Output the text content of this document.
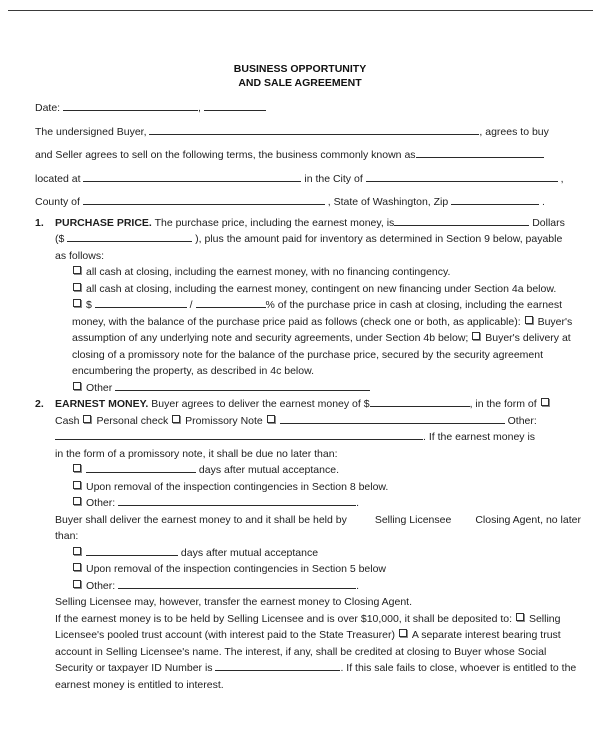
BUSINESS OPPORTUNITY
AND SALE AGREEMENT
Date:	,
The undersigned Buyer,	, agrees to buy
and Seller agrees to sell on the following terms, the business commonly known as
located at	in the City of	,
County of	, State of Washington, Zip	.
1. PURCHASE PRICE. The purchase price, including the earnest money, is	Dollars
($	), plus the amount paid for inventory as determined in Section 9 below, payable
as follows:
all cash at closing, including the earnest money, with no financing contingency.
all cash at closing, including the earnest money, contingent on new financing under Section 4a below.
$	/	% of the purchase price in cash at closing, including the earnest
money, with the balance of the purchase price paid as follows (check one or both, as applicable): Buyer's
assumption of any underlying note and security agreements, under Section 4b below; Buyer's delivery at
closing of a promissory note for the balance of the purchase price, secured by the security agreement
encumbering the property, as described in 4c below.
Other
2. EARNEST MONEY. Buyer agrees to deliver the earnest money of $	, in the form of
Cash Personal check Promissory Note	Other:
. If the earnest money is
in the form of a promissory note, it shall be due no later than:
days after mutual acceptance.
Upon removal of the inspection contingencies in Section 8 below.
Other:	.
Buyer shall deliver the earnest money to and it shall be held by	Selling Licensee Closing Agent, no later
than:
days after mutual acceptance
Upon removal of the inspection contingencies in Section 5 below
Other:	.
Selling Licensee may, however, transfer the earnest money to Closing Agent.
If the earnest money is to be held by Selling Licensee and is over $10,000, it shall be deposited to: Selling
Licensee's pooled trust account (with interest paid to the State Treasurer) A separate interest bearing trust
account in Selling Licensee's name. The interest, if any, shall be credited at closing to Buyer whose Social
Security or taxpayer ID Number is	. If this sale fails to close, whoever is entitled to the
earnest money is entitled to interest.
